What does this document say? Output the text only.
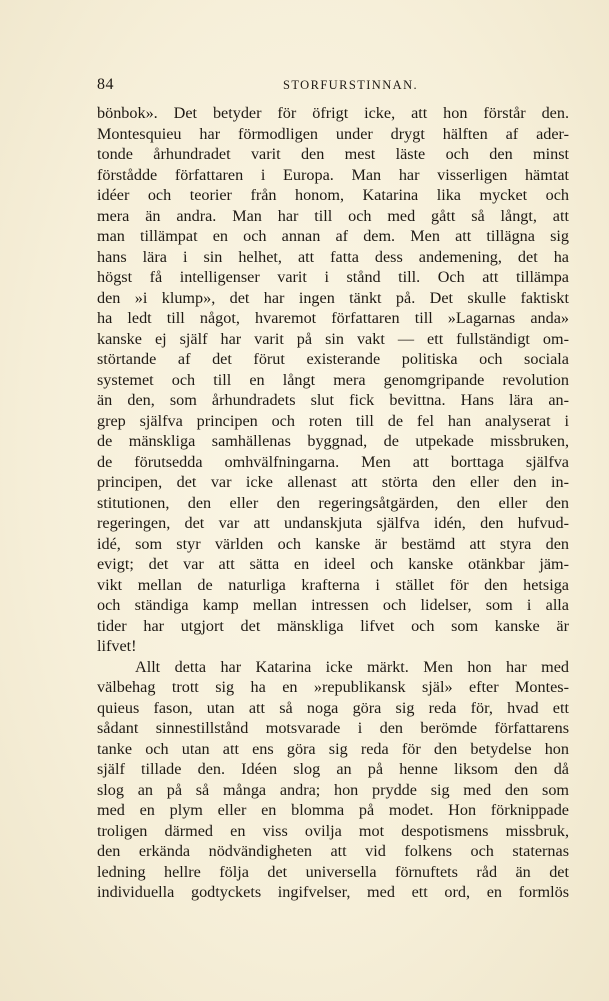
84	STORFURSTINNAN.
bönbok». Det betyder för öfrigt icke, att hon förstår den.
Montesquieu har förmodligen under drygt hälften af ader-
tonde århundradet varit den mest läste och den minst
förstådde författaren i Europa. Man har visserligen hämtat
idéer och teorier från honom, Katarina lika mycket och
mera än andra. Man har till och med gått så långt, att
man tillämpat en och annan af dem. Men att tillägna sig
hans lära i sin helhet, att fatta dess andemening, det ha
högst få intelligenser varit i stånd till. Och att tillämpa
den »i klump», det har ingen tänkt på. Det skulle faktiskt
ha ledt till något, hvaremot författaren till »Lagarnas anda»
kanske ej själf har varit på sin vakt — ett fullständigt om-
störtande af det förut existerande politiska och sociala
systemet och till en långt mera genomgripande revolution
än den, som århundradets slut fick bevittna. Hans lära an-
grep själfva principen och roten till de fel han analyserat i
de mänskliga samhällenas byggnad, de utpekade missbruken,
de förutsedda omhvälfningarna. Men att borttaga själfva
principen, det var icke allenast att störta den eller den in-
stitutionen, den eller den regeringsåtgärden, den eller den
regeringen, det var att undanskjuta själfva idén, den hufvud-
idé, som styr världen och kanske är bestämd att styra den
evigt; det var att sätta en ideel och kanske otänkbar jäm-
vikt mellan de naturliga krafterna i stället för den hetsiga
och ständiga kamp mellan intressen och lidelser, som i alla
tider har utgjort det mänskliga lifvet och som kanske är
lifvet!
Allt detta har Katarina icke märkt. Men hon har med
välbehag trott sig ha en »republikansk själ» efter Montes-
quieus fason, utan att så noga göra sig reda för, hvad ett
sådant sinnestillstånd motsvarade i den berömde författarens
tanke och utan att ens göra sig reda för den betydelse hon
själf tillade den. Idéen slog an på henne liksom den då
slog an på så många andra; hon prydde sig med den som
med en plym eller en blomma på modet. Hon förknippade
troligen därmed en viss ovilja mot despotismens missbruk,
den erkända nödvändigheten att vid folkens och staternas
ledning hellre följa det universella förnuftets råd än det
individuella godtyckets ingifvelser, med ett ord, en formlös
